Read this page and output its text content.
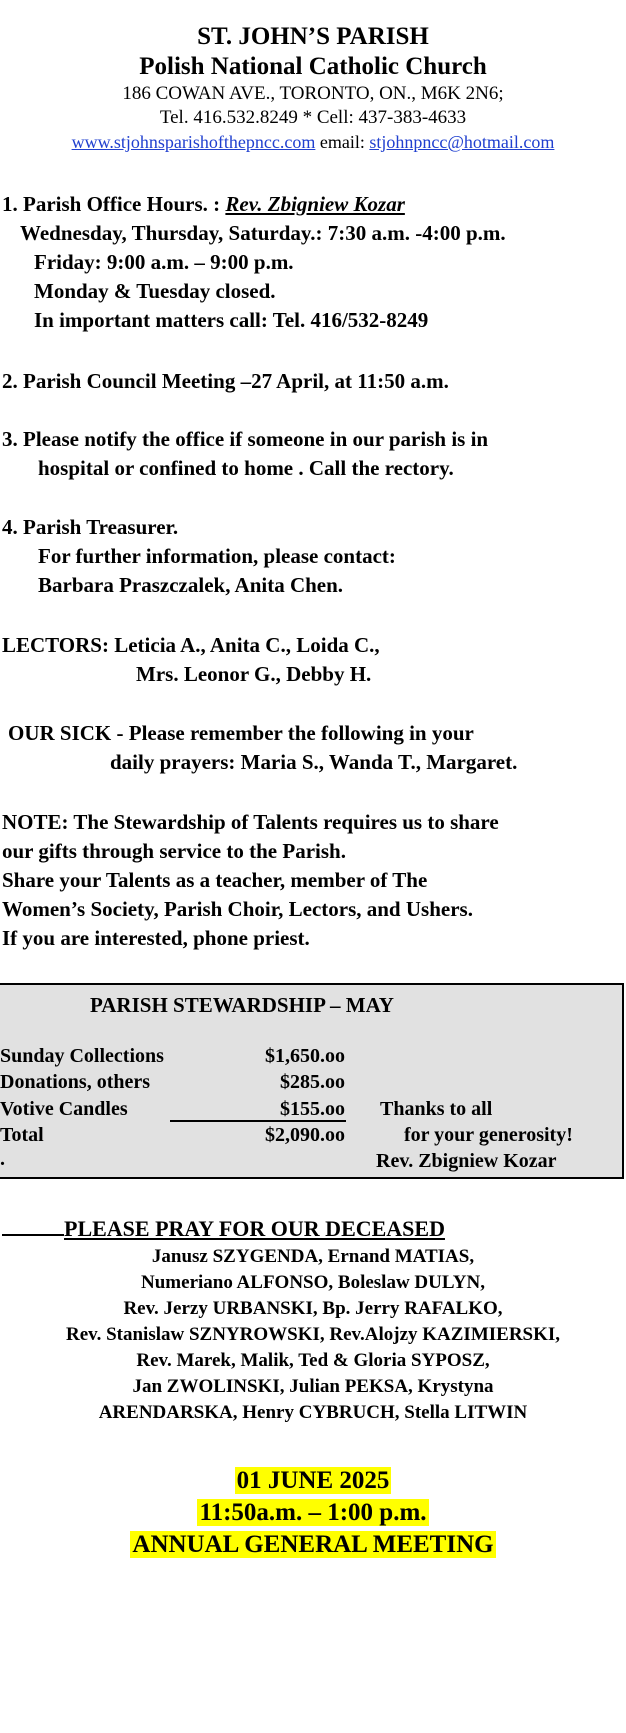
ST. JOHN’S PARISH
Polish National Catholic Church
186 COWAN AVE., TORONTO, ON., M6K 2N6;
Tel. 416.532.8249 * Cell: 437-383-4633
www.stjohnsparishofthepncc.com email: stjohnpncc@hotmail.com
1. Parish Office Hours. : Rev. Zbigniew Kozar
Wednesday, Thursday, Saturday.: 7:30 a.m. -4:00 p.m.
Friday: 9:00 a.m. – 9:00 p.m.
Monday & Tuesday closed.
In important matters call: Tel. 416/532-8249
2. Parish Council Meeting –27 April, at 11:50 a.m.
3. Please notify the office if someone in our parish is in
hospital or confined to home . Call the rectory.
4. Parish Treasurer.
For further information, please contact:
Barbara Praszczalek, Anita Chen.
LECTORS: Leticia A., Anita C., Loida C.,
Mrs. Leonor G., Debby H.
OUR SICK - Please remember the following in your
daily prayers: Maria S., Wanda T., Margaret.
NOTE: The Stewardship of Talents requires us to share
our gifts through service to the Parish.
Share your Talents as a teacher, member of The
Women’s Society, Parish Choir, Lectors, and Ushers.
If you are interested, phone priest.
PARISH STEWARDSHIP – MAY
Sunday Collections	$1,650.oo
Donations, others	$285.oo
Votive Candles	$155.oo
Total	$2,090.oo
.
Thanks to all
for your generosity!
Rev. Zbigniew Kozar
PLEASE PRAY FOR OUR DECEASED
Janusz SZYGENDA, Ernand MATIAS,
Numeriano ALFONSO, Boleslaw DULYN,
Rev. Jerzy URBANSKI, Bp. Jerry RAFALKO,
Rev. Stanislaw SZNYROWSKI, Rev.Alojzy KAZIMIERSKI,
Rev. Marek, Malik, Ted & Gloria SYPOSZ,
Jan ZWOLINSKI, Julian PEKSA, Krystyna
ARENDARSKA, Henry CYBRUCH, Stella LITWIN
01 JUNE 2025
11:50a.m. – 1:00 p.m.
ANNUAL GENERAL MEETING
